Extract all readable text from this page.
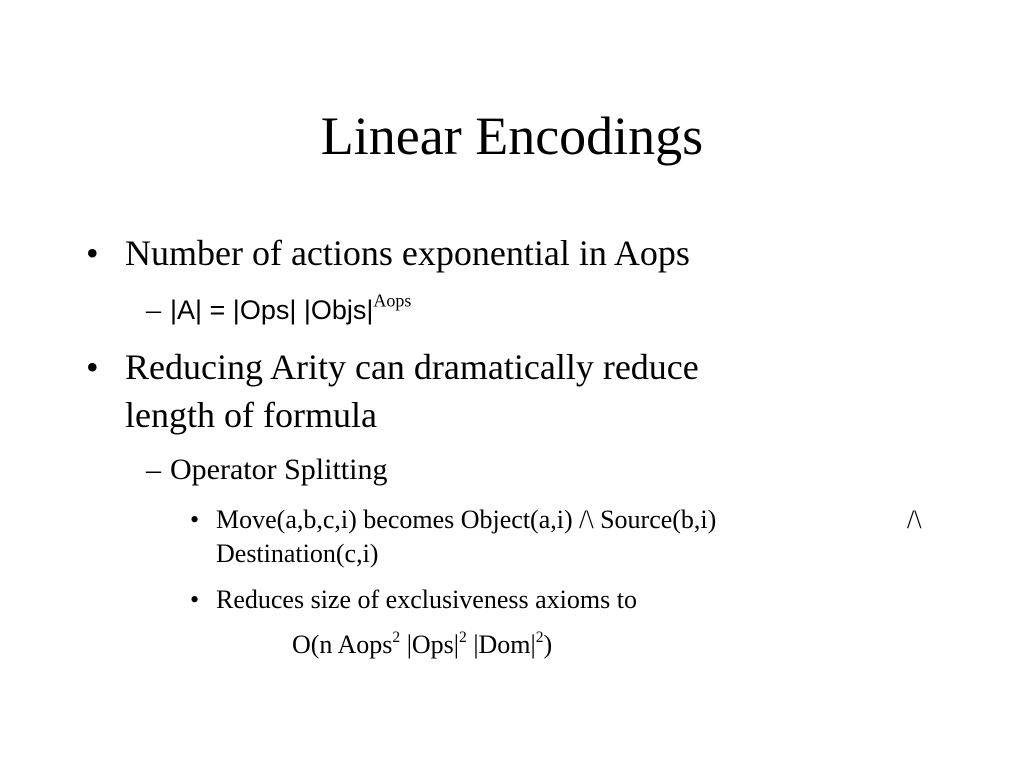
Linear Encodings
• Number of actions exponential in Aops
– |A| = |Ops| $|Objs|^{Aops}$
• Reducing Arity can dramatically reduce
length of formula
– Operator Splitting
• Move(a,b,c,i) becomes Object(a,i) /\ Source(b,i)	/\
Destination(c,i)
• Reduces size of exclusiveness axioms to
O(n Aops$^2$ $|Ops|^2$ $|Dom|^2$)
